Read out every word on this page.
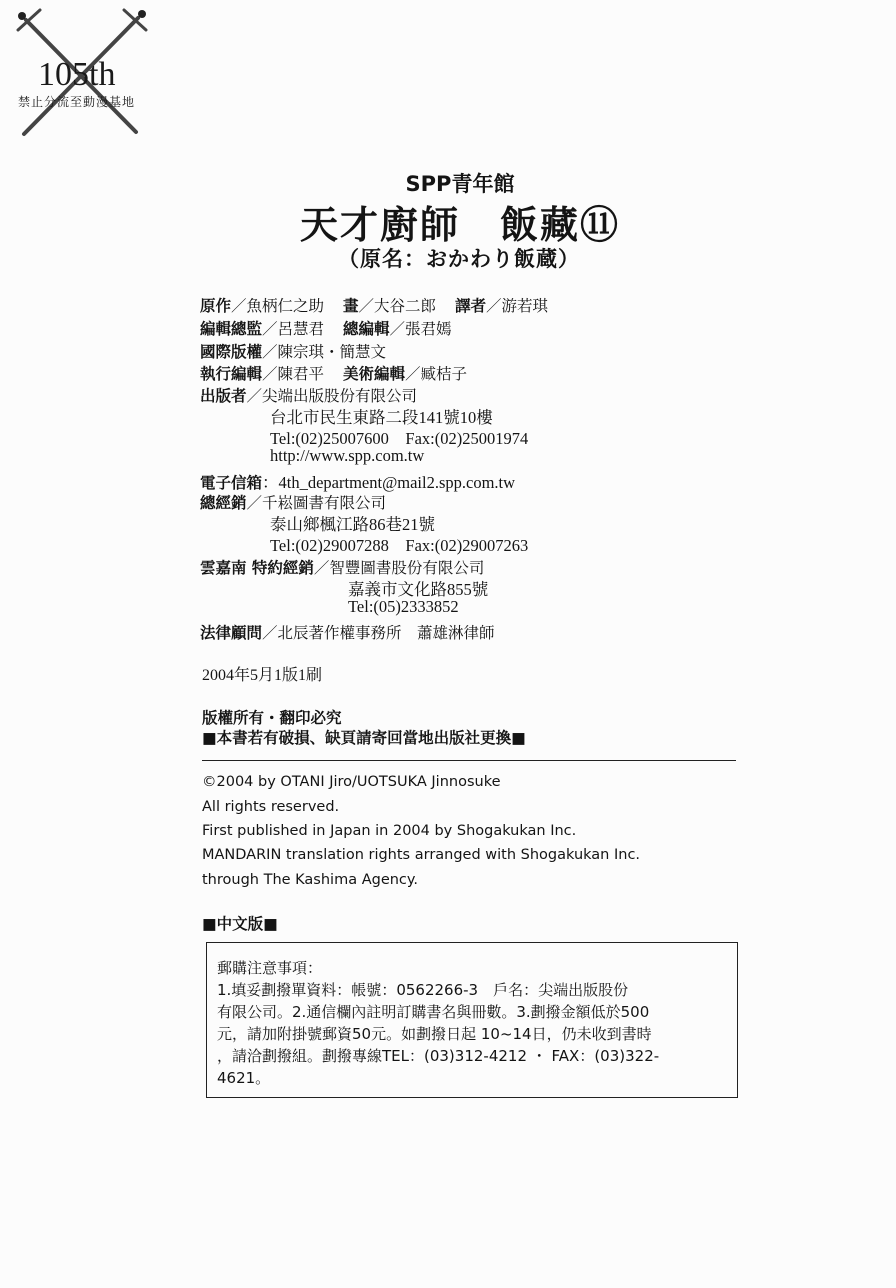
105th
禁止分流至動漫基地
SPP青年館
天才廚師　飯藏⑪
（原名：おかわり飯蔵）
原作／魚柄仁之助 畫／大谷二郎 譯者／游若琪
編輯總監／呂慧君 總編輯／張君嫣
國際版權／陳宗琪・簡慧文
執行編輯／陳君平 美術編輯／臧桔子
出版者／尖端出版股份有限公司
台北市民生東路二段141號10樓
Tel:(02)25007600　Fax:(02)25001974
http://www.spp.com.tw
電子信箱：4th_department@mail2.spp.com.tw
總經銷／千崧圖書有限公司
泰山鄉楓江路86巷21號
Tel:(02)29007288　Fax:(02)29007263
雲嘉南 特約經銷／智豐圖書股份有限公司
嘉義市文化路855號
Tel:(05)2333852
法律顧問／北辰著作權事務所　蕭雄淋律師
2004年5月1版1刷
版權所有・翻印必究
■本書若有破損、缺頁請寄回當地出版社更換■
©2004 by OTANI Jiro/UOTSUKA Jinnosuke
All rights reserved.
First published in Japan in 2004 by Shogakukan Inc.
MANDARIN translation rights arranged with Shogakukan Inc.
through The Kashima Agency.
■中文版■
郵購注意事項：
1.填妥劃撥單資料：帳號：0562266-3　戶名：尖端出版股份
有限公司。2.通信欄內註明訂購書名與冊數。3.劃撥金額低於500
元，請加附掛號郵資50元。如劃撥日起 10~14日，仍未收到書時
，請洽劃撥組。劃撥專線TEL：(03)312-4212 ・ FAX：(03)322-
4621。
